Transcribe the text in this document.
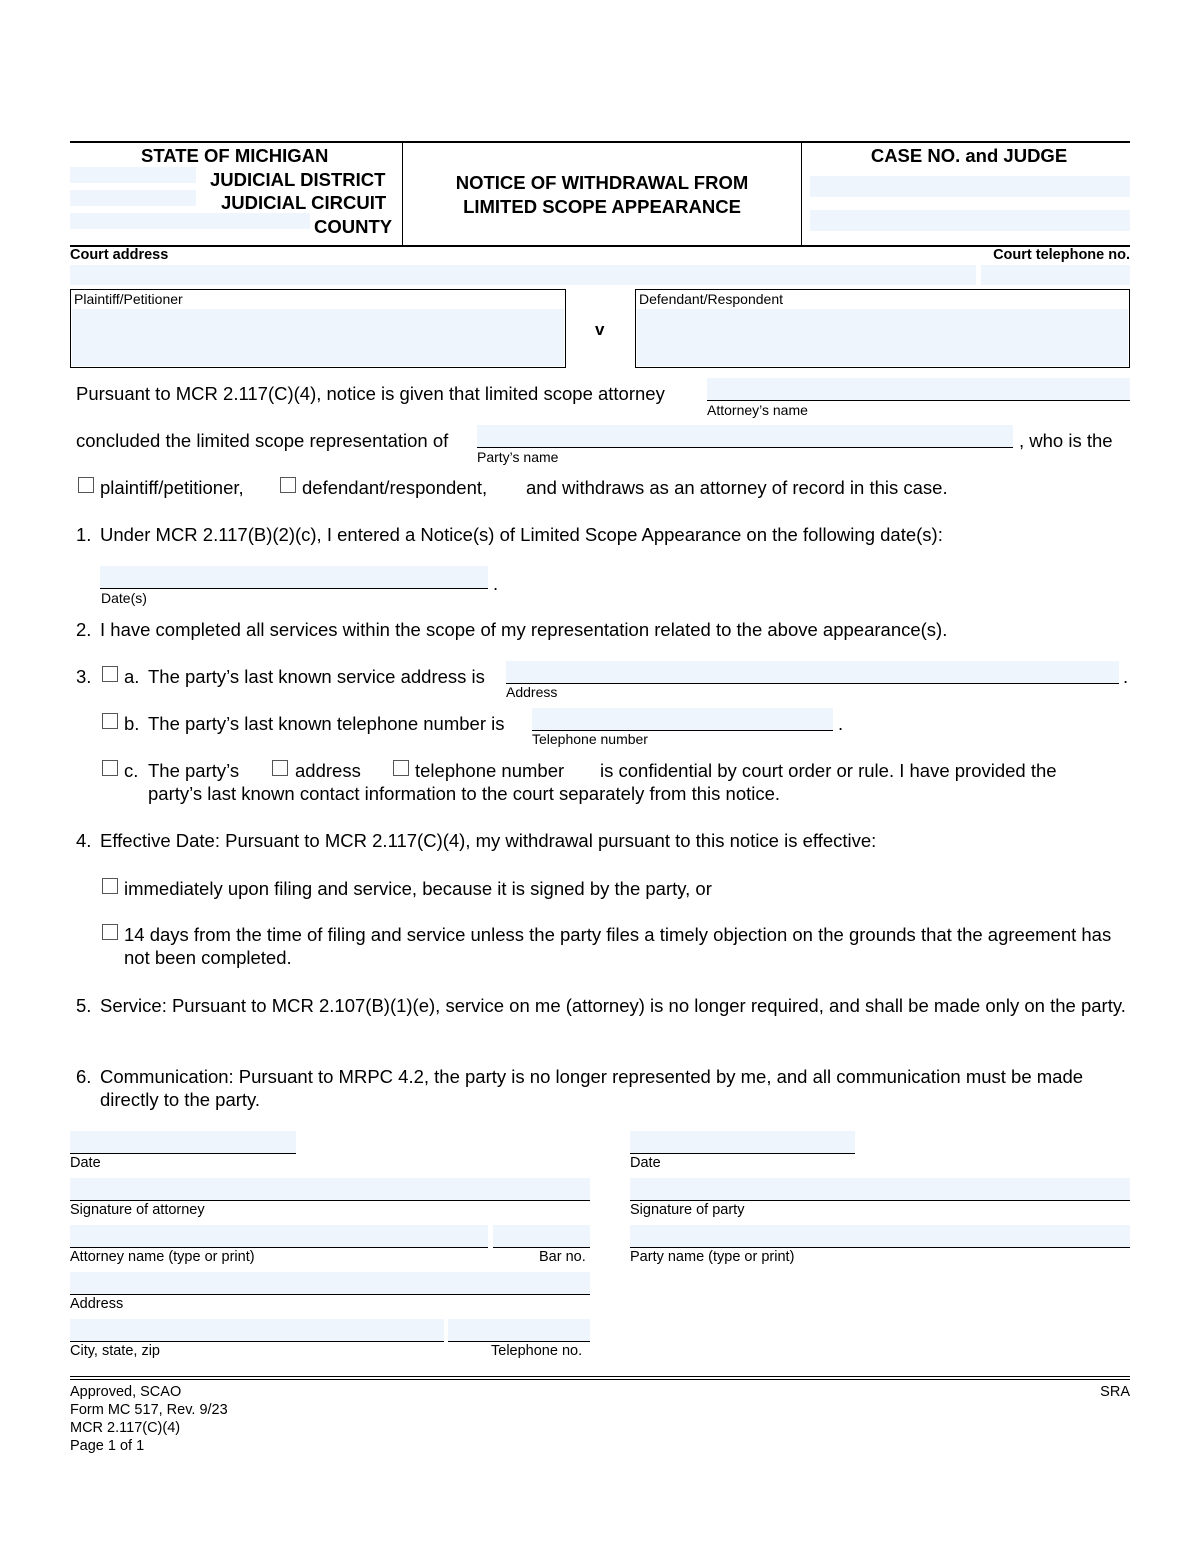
STATE OF MICHIGAN
JUDICIAL DISTRICT
JUDICIAL CIRCUIT
COUNTY
NOTICE OF WITHDRAWAL FROM
LIMITED SCOPE APPEARANCE
CASE NO. and JUDGE
Court address	Court telephone no.
Plaintiff/Petitioner
v
Defendant/Respondent
Pursuant to MCR 2.117(C)(4), notice is given that limited scope attorney
Attorney’s name
concluded the limited scope representation of
Party’s name
, who is the
plaintiff/petitioner,	defendant/respondent, and withdraws as an attorney of record in this case.
1. Under MCR 2.117(B)(2)(c), I entered a Notice(s) of Limited Scope Appearance on the following date(s):
.
Date(s)
2. I have completed all services within the scope of my representation related to the above appearance(s).
3. a. The party’s last known service address is	.
Address
b. The party’s last known telephone number is	.
Telephone number
c. The party’s	address	telephone number is confidential by court order or rule. I have provided the
party’s last known contact information to the court separately from this notice.
4. Effective Date: Pursuant to MCR 2.117(C)(4), my withdrawal pursuant to this notice is effective:
immediately upon filing and service, because it is signed by the party, or
14 days from the time of filing and service unless the party files a timely objection on the grounds that the agreement has not been completed.
5. Service: Pursuant to MCR 2.107(B)(1)(e), service on me (attorney) is no longer required, and shall be made only on the party.
6. Communication: Pursuant to MRPC 4.2, the party is no longer represented by me, and all communication must be made directly to the party.
Date
Signature of attorney
Attorney name (type or print)	Bar no.
Address
City, state, zip	Telephone no.
Date
Signature of party
Party name (type or print)
Approved, SCAO
Form MC 517, Rev. 9/23
MCR 2.117(C)(4)
Page 1 of 1
SRA
